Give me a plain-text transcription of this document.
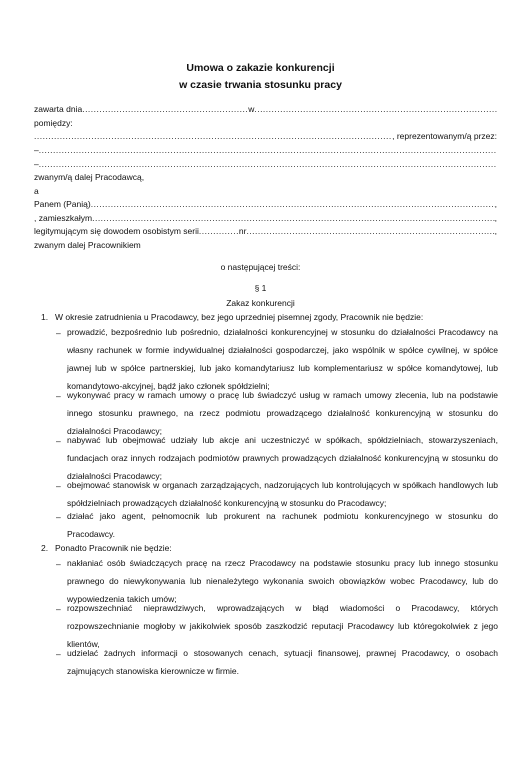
Umowa o zakazie konkurencji
w czasie trwania stosunku pracy
zawarta dnia .....	w
.....
pomiędzy:
.....
, reprezentowanym/ą przez:
–
.....
–
.....
zwanym/ą dalej Pracodawcą,
a
Panem (Panią) .....	,
, zamieszkałym .....	,
legitymującym się dowodem osobistym serii .....	nr .....	,
zwanym dalej Pracownikiem
o następującej treści:
§ 1
Zakaz konkurencji
1. W okresie zatrudnienia u Pracodawcy, bez jego uprzedniej pisemnej zgody, Pracownik nie będzie:
– prowadzić, bezpośrednio lub pośrednio, działalności konkurencyjnej w stosunku do działalności Pracodawcy na własny rachunek w formie indywidualnej działalności gospodarczej, jako wspólnik w spółce cywilnej, w spółce jawnej lub w spółce partnerskiej, lub jako komandytariusz lub komplementariusz w spółce komandytowej, lub komandytowo-akcyjnej, bądź jako członek spółdzielni;
– wykonywać pracy w ramach umowy o pracę lub świadczyć usług w ramach umowy zlecenia, lub na podstawie innego stosunku prawnego, na rzecz podmiotu prowadzącego działalność konkurencyjną w stosunku do działalności Pracodawcy;
– nabywać lub obejmować udziały lub akcje ani uczestniczyć w spółkach, spółdzielniach, stowarzyszeniach, fundacjach oraz innych rodzajach podmiotów prawnych prowadzących działalność konkurencyjną w stosunku do działalności Pracodawcy;
– obejmować stanowisk w organach zarządzających, nadzorujących lub kontrolujących w spółkach handlowych lub spółdzielniach prowadzących działalność konkurencyjną w stosunku do Pracodawcy;
– działać jako agent, pełnomocnik lub prokurent na rachunek podmiotu konkurencyjnego w stosunku do Pracodawcy.
2. Ponadto Pracownik nie będzie:
– nakłaniać osób świadczących pracę na rzecz Pracodawcy na podstawie stosunku pracy lub innego stosunku prawnego do niewykonywania lub nienależytego wykonania swoich obowiązków wobec Pracodawcy, lub do wypowiedzenia takich umów;
– rozpowszechniać nieprawdziwych, wprowadzających w błąd wiadomości o Pracodawcy, których rozpowszechnianie mogłoby w jakikolwiek sposób zaszkodzić reputacji Pracodawcy lub któregokolwiek z jego klientów,
– udzielać żadnych informacji o stosowanych cenach, sytuacji finansowej, prawnej Pracodawcy, o osobach zajmujących stanowiska kierownicze w firmie.
